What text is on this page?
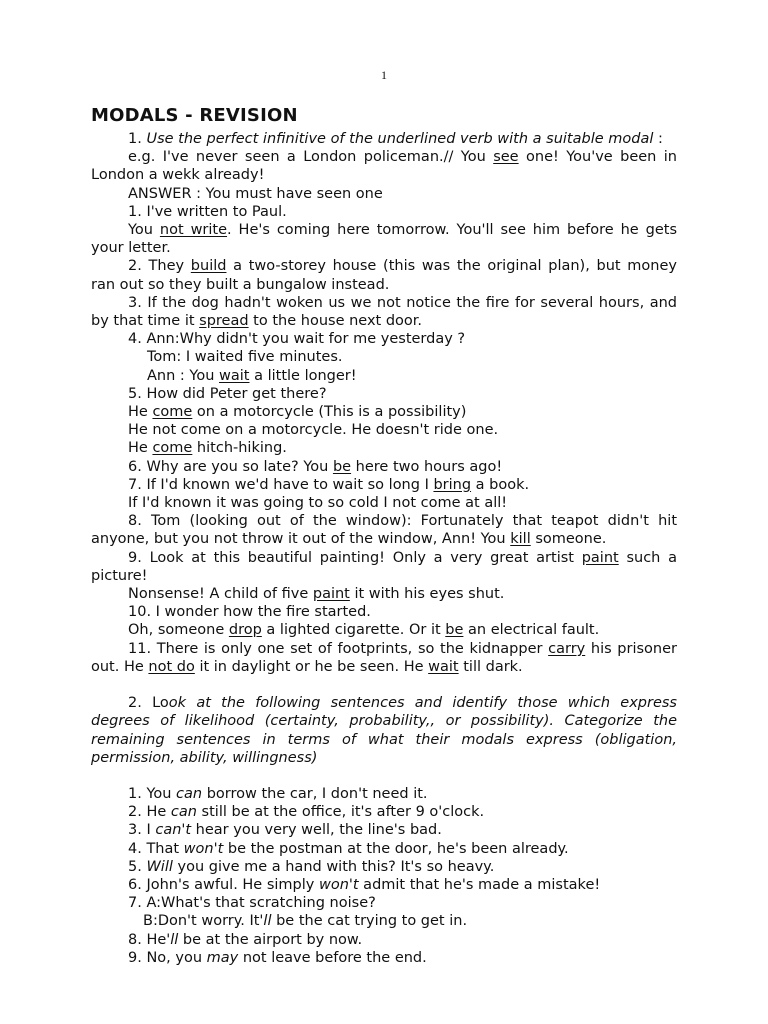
1
MODALS - REVISION

1. Use the perfect infinitive of the underlined verb with a suitable modal :

e.g. I've never seen a London policeman.// You see one! You've been in London a wekk already!

ANSWER : You must have seen one

1. I've written to Paul.

You not write. He's coming here tomorrow. You'll see him before he gets your letter.

2. They build a two-storey house (this was the original plan), but money ran out so they built a bungalow instead.

3. If the dog hadn't woken us we not notice the fire for several hours, and by that time it spread to the house next door.

4. Ann:Why didn't you wait for me yesterday ?

Tom: I waited five minutes.

Ann : You wait a little longer!

5. How did Peter get there?

He come on a motorcycle (This is a possibility)

He not come on a motorcycle. He doesn't ride one.

He come hitch-hiking.

6. Why are you so late? You be here two hours ago!

7. If I'd known we'd have to wait so long I bring a book.

If I'd known it was going to so cold I not come at all!

8. Tom (looking out of the window): Fortunately that teapot didn't hit anyone, but you not throw it out of the window, Ann! You kill someone.

9. Look at this beautiful painting! Only a very great artist paint such a picture!

Nonsense! A child of five paint it with his eyes shut.

10. I wonder how the fire started.

Oh, someone drop a lighted cigarette. Or it be an electrical fault.

11. There is only one set of footprints, so the kidnapper carry his prisoner out. He not do it in daylight or he be seen. He wait till dark.

2. Look at the following sentences and identify those which express degrees of likelihood (certainty, probability,, or possibility). Categorize the remaining sentences in terms of what their modals express (obligation, permission, ability, willingness)

1. You can borrow the car, I don't need it.

2. He can still be at the office, it's after 9 o'clock.

3. I can't hear you very well, the line's bad.

4. That won't be the postman at the door, he's been already.

5. Will you give me a hand with this? It's so heavy.

6. John's awful. He simply won't admit that he's made a mistake!

7. A:What's that scratching noise?

B:Don't worry. It'll be the cat trying to get in.

8. He'll be at the airport by now.

9. No, you may not leave before the end.
